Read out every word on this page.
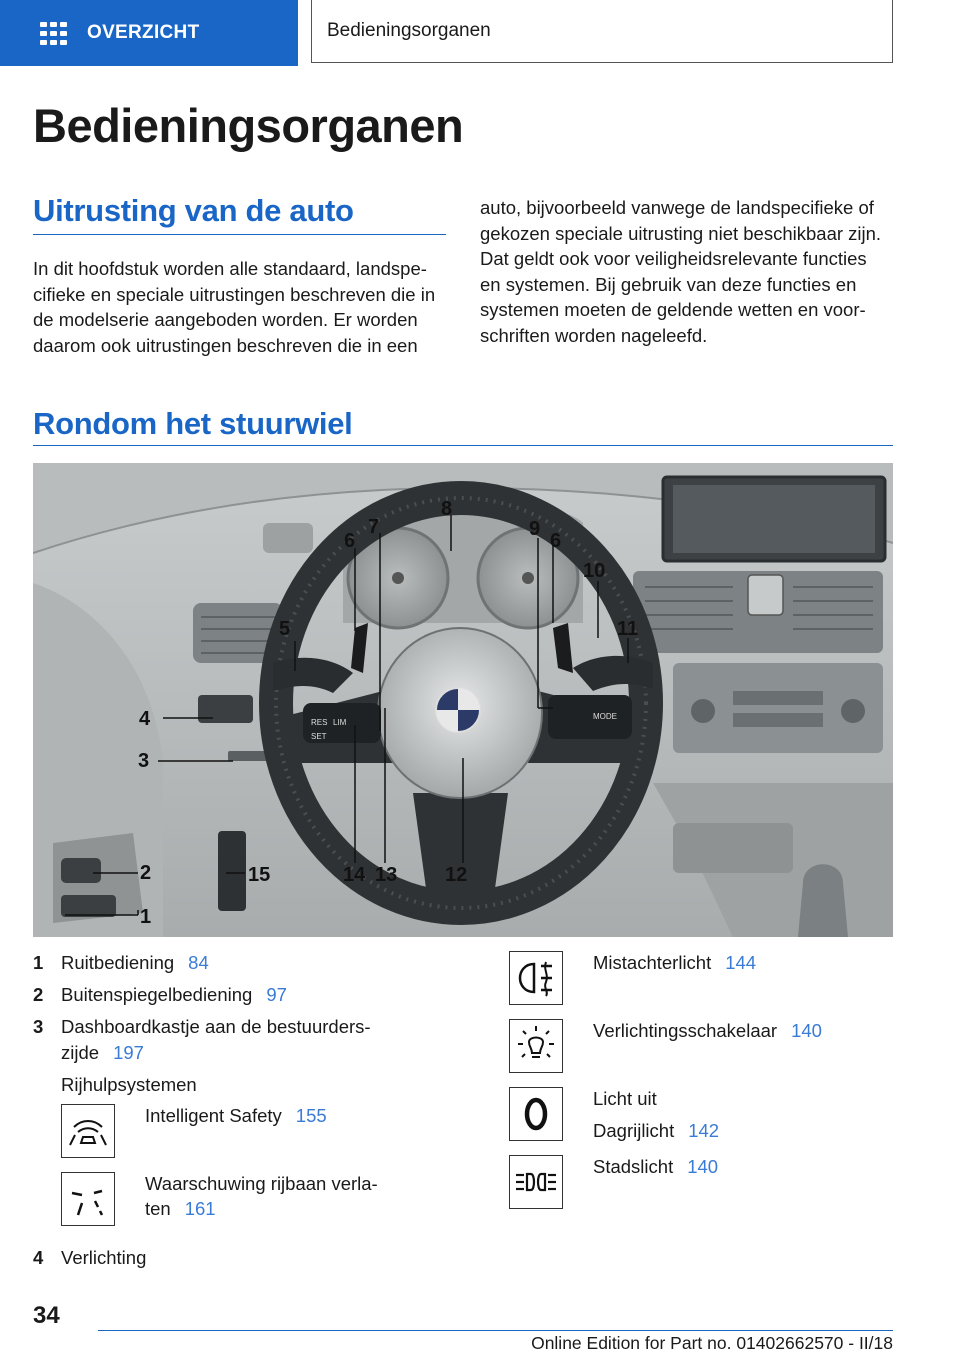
OVERZICHT	Bedieningsorganen
Bedieningsorganen
Uitrusting van de auto
In dit hoofdstuk worden alle standaard, landspe‐
cifieke en speciale uitrustingen beschreven die in
de modelserie aangeboden worden. Er worden
daarom ook uitrustingen beschreven die in een
auto, bijvoorbeeld vanwege de landspecifieke of
gekozen speciale uitrusting niet beschikbaar zijn.
Dat geldt ook voor veiligheidsrelevante functies
en systemen. Bij gebruik van deze functies en
systemen moeten de geldende wetten en voor‐
schriften worden nageleefd.
Rondom het stuurwiel
RES
MODE
LIM
SET
1
2
3
4
5
6
7
8
9
6
10
11
12
13
14
15
1 Ruitbediening 84
2 Buitenspiegelbediening 97
3 Dashboardkastje aan de bestuurders‐
zijde 197
Rijhulpsystemen
Intelligent Safety 155
Waarschuwing rijbaan verla‐
ten 161
4 Verlichting
Mistachterlicht 144
Verlichtingsschakelaar 140
Licht uit
Dagrijlicht 142
Stadslicht 140
34
Online Edition for Part no. 01402662570 - II/18
